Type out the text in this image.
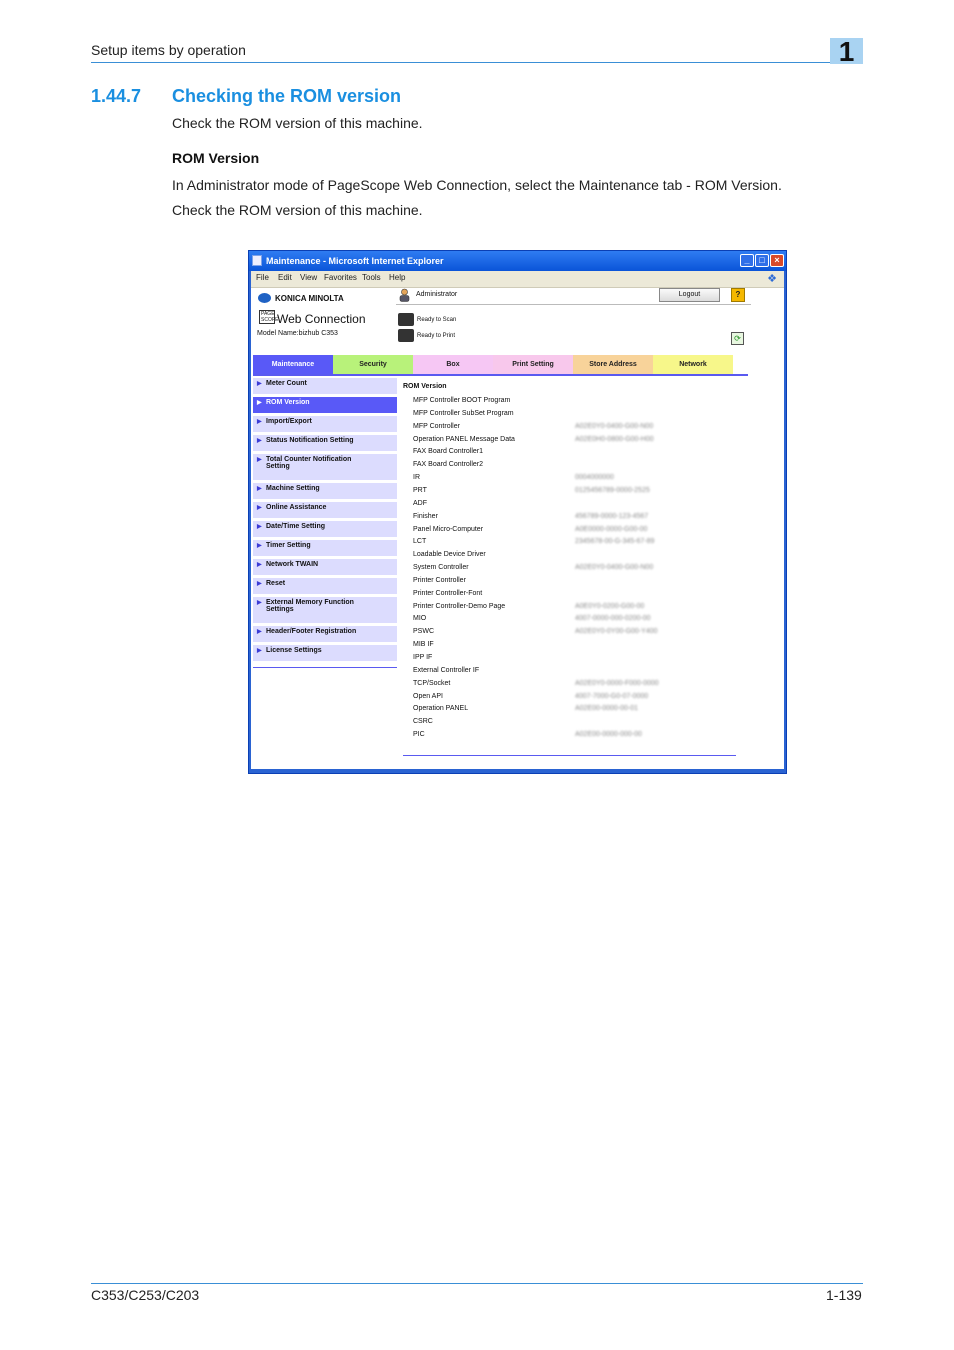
Setup items by operation	1
1.44.7 Checking the ROM version
Check the ROM version of this machine.
ROM Version
In Administrator mode of PageScope Web Connection, select the Maintenance tab - ROM Version.
Check the ROM version of this machine.
Maintenance - Microsoft Internet Explorer	_	□	×
File Edit View Favorites Tools Help	❖
KONICA MINOLTA
PAGE SCOPE
Web Connection
Model Name:bizhub C353
Administrator	Logout	?
Ready to Scan
Ready to Print	⟳
Maintenance	Security	Box	Print Setting	Store Address	Network
▶ Meter Count
▶ ROM Version
▶ Import/Export
▶ Status Notification Setting
▶ Total Counter Notification
Setting
▶ Machine Setting
▶ Online Assistance
▶ Date/Time Setting
▶ Timer Setting
▶ Network TWAIN
▶ Reset
▶ External Memory Function
Settings
▶ Header/Footer Registration
▶ License Settings
ROM Version
MFP Controller BOOT Program
MFP Controller SubSet Program
MFP Controller	A02E0Y0-0400-G00-N00
Operation PANEL Message Data	A02E0H0-0800-G00-H00
FAX Board Controller1
FAX Board Controller2
IR	0004000000
PRT	0125456789-0000-2525
ADF
Finisher	456789-0000-123-4567
Panel Micro-Computer	A0E0000-0000-G00-00
LCT	2345678-00-G-345-67-89
Loadable Device Driver
System Controller	A02E0Y0-0400-G00-N00
Printer Controller
Printer Controller-Font
Printer Controller-Demo Page	A0E0Y0-0200-G00-00
MIO	4007-0000-000-0200-00
PSWC	A02E0Y0-0Y00-G00-Y400
MIB IF
IPP IF
External Controller IF
TCP/Socket	A02E0Y0-0000-F000-0000
Open API	4007-7000-G0-07-0000
Operation PANEL	A02E00-0000-00-01
CSRC
PIC	A02E00-0000-000-00
C353/C253/C203	1-139
